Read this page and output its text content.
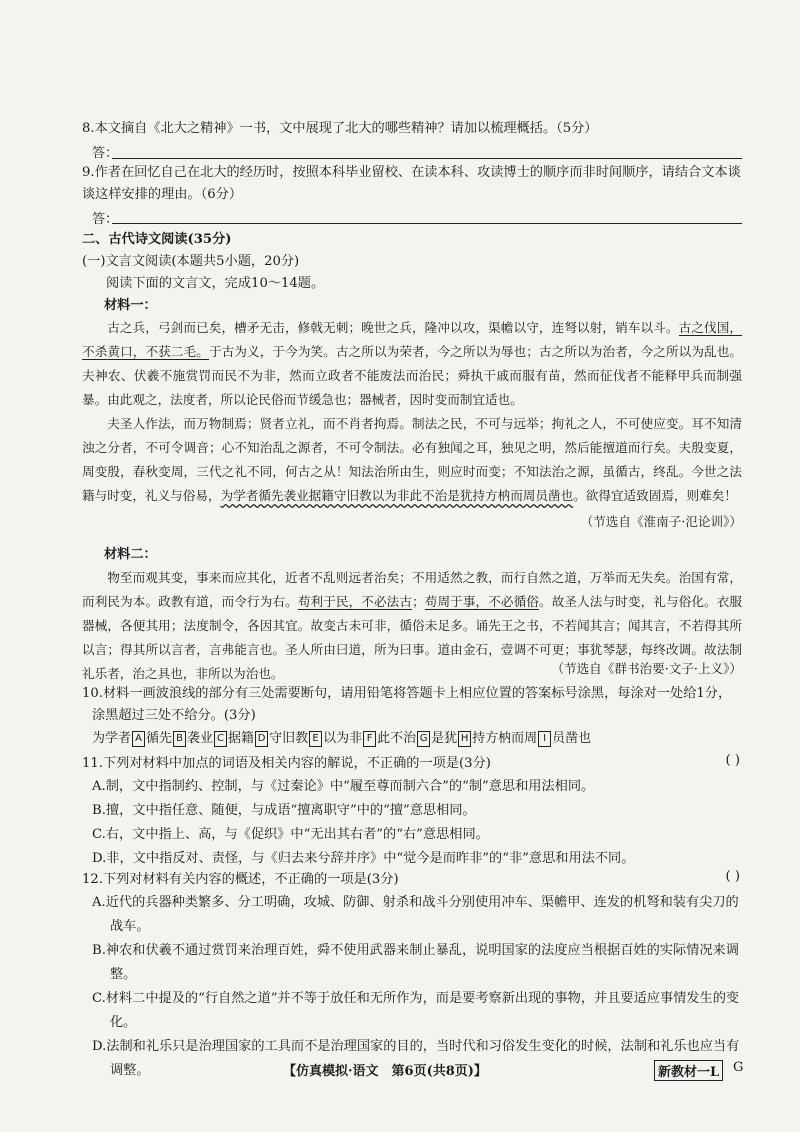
8.本文摘自《北大之精神》一书，文中展现了北大的哪些精神？请加以梳理概括。（5分）
答：
9.作者在回忆自己在北大的经历时，按照本科毕业留校、在读本科、攻读博士的顺序而非时间顺序，请结合文本谈
谈这样安排的理由。（6分）
答：
二、古代诗文阅读(35分)
(一)文言文阅读(本题共5小题，20分)
阅读下面的文言文，完成10～14题。
材料一：

古之兵，弓剑而已矣，槽矛无击，修戟无刺；晚世之兵，隆冲以攻，渠幨以守，连弩以射，销车以斗。古之伐国，不杀黄口，不获二毛。于古为义，于今为笑。古之所以为荣者，今之所以为辱也；古之所以为治者，今之所以为乱也。夫神农、伏羲不施赏罚而民不为非，然而立政者不能废法而治民；舜执干戚而服有苗，然而征伐者不能释甲兵而制强暴。由此观之，法度者，所以论民俗而节缓急也；器械者，因时变而制宜适也。

夫圣人作法，而万物制焉；贤者立礼，而不肖者拘焉。制法之民，不可与远举；拘礼之人，不可使应变。耳不知清浊之分者，不可令调音；心不知治乱之源者，不可令制法。必有独闻之耳，独见之明，然后能擅道而行矣。夫殷变夏，周变殷，春秋变周，三代之礼不同，何古之从！知法治所由生，则应时而变；不知法治之源，虽循古，终乱。今世之法籍与时变，礼义与俗易，为学者循先袭业据籍守旧教以为非此不治是犹持方枘而周员凿也。欲得宜适致固焉，则难矣！

（节选自《淮南子·氾论训》）
材料二：

物至而观其变，事来而应其化，近者不乱则远者治矣；不用适然之教，而行自然之道，万举而无失矣。治国有常，而利民为本。政教有道，而令行为右。苟利于民，不必法古；苟周于事，不必循俗。故圣人法与时变，礼与俗化。衣服器械，各便其用；法度制令，各因其宜。故变古未可非，循俗未足多。诵先王之书，不若闻其言；闻其言，不若得其所以言；得其所以言者，言弗能言也。圣人所由曰道，所为曰事。道由金石，壹调不可更；事犹琴瑟，每终改调。故法制礼乐者，治之具也，非所以为治也。	（节选自《群书治要·文子·上义》）
10.材料一画波浪线的部分有三处需要断句，请用铅笔将答题卡上相应位置的答案标号涂黑，每涂对一处给1分，
涂黑超过三处不给分。(3分)
为学者 A 循先 B 袭业 C 据籍 D 守旧教 E 以为非 F 此不治 G 是犹 H 持方枘而周 I 员凿也
11.下列对材料中加点的词语及相关内容的解说，不正确的一项是(3分)	( )
A.制，文中指制约、控制，与《过秦论》中“履至尊而制六合”的“制”意思和用法相同。
B.擅，文中指任意、随便，与成语“擅离职守”中的“擅”意思相同。
C.右，文中指上、高，与《促织》中“无出其右者”的“右”意思相同。
D.非，文中指反对、责怪，与《归去来兮辞并序》中“觉今是而昨非”的“非”意思和用法不同。
12.下列对材料有关内容的概述，不正确的一项是(3分)	( )
A.近代的兵器种类繁多、分工明确，攻城、防御、射杀和战斗分别使用冲车、渠幨甲、连发的机弩和装有尖刀的战车。
B.神农和伏羲不通过赏罚来治理百姓，舜不使用武器来制止暴乱，说明国家的法度应当根据百姓的实际情况来调整。
C.材料二中提及的“行自然之道”并不等于放任和无所作为，而是要考察新出现的事物，并且要适应事情发生的变化。
D.法制和礼乐只是治理国家的工具而不是治理国家的目的，当时代和习俗发生变化的时候，法制和礼乐也应当有调整。	【仿真模拟·语文　第6页(共8页)】	新教材一L	G
